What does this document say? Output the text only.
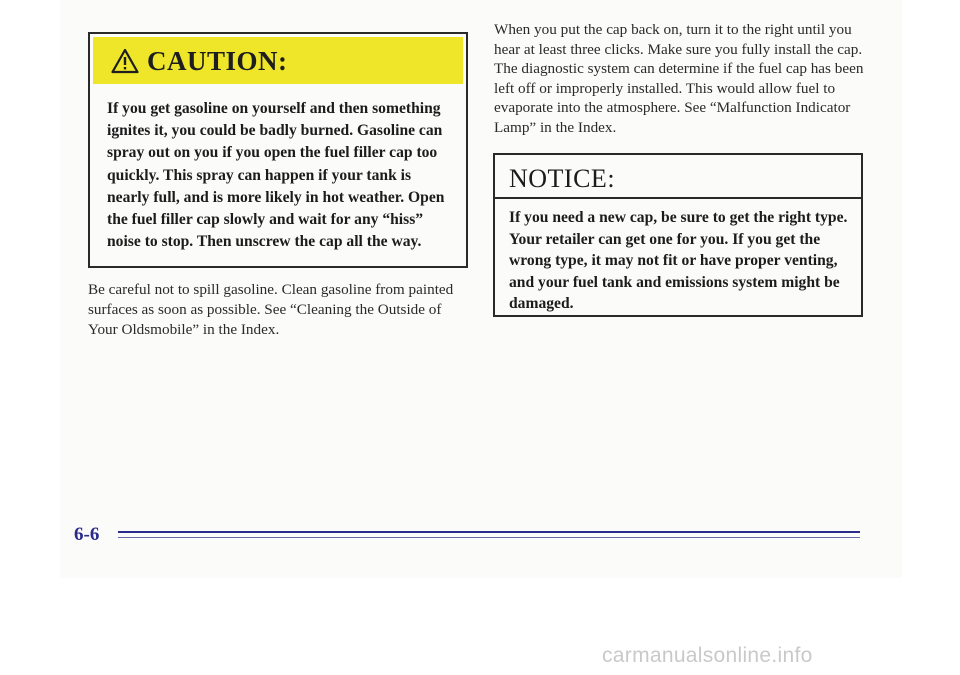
CAUTION:
If you get gasoline on yourself and then something ignites it, you could be badly burned. Gasoline can spray out on you if you open the fuel filler cap too quickly. This spray can happen if your tank is nearly full, and is more likely in hot weather. Open the fuel filler cap slowly and wait for any “hiss” noise to stop. Then unscrew the cap all the way.

Be careful not to spill gasoline. Clean gasoline from painted surfaces as soon as possible. See “Cleaning the Outside of Your Oldsmobile” in the Index.

When you put the cap back on, turn it to the right until you hear at least three clicks. Make sure you fully install the cap. The diagnostic system can determine if the fuel cap has been left off or improperly installed. This would allow fuel to evaporate into the atmosphere. See “Malfunction Indicator Lamp” in the Index.

NOTICE:
If you need a new cap, be sure to get the right type. Your retailer can get one for you. If you get the wrong type, it may not fit or have proper venting, and your fuel tank and emissions system might be damaged.
6-6
carmanualsonline.info
